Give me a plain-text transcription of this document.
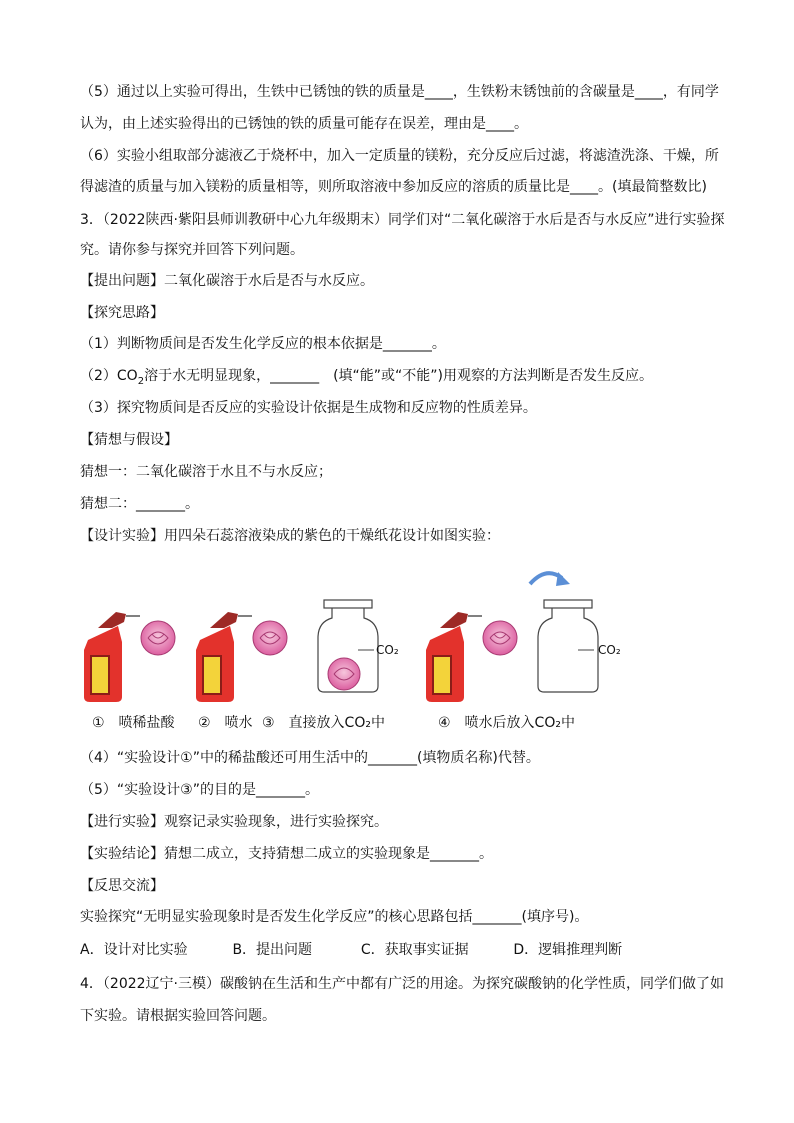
（5）通过以上实验可得出，生铁中已锈蚀的铁的质量是____，生铁粉末锈蚀前的含碳量是____，有同学
认为，由上述实验得出的已锈蚀的铁的质量可能存在误差，理由是____。
（6）实验小组取部分滤液乙于烧杯中，加入一定质量的镁粉，充分反应后过滤，将滤渣洗涤、干燥，所
得滤渣的质量与加入镁粉的质量相等，则所取溶液中参加反应的溶质的质量比是____。(填最简整数比)
3．（2022陕西·紫阳县师训教研中心九年级期末）同学们对“二氧化碳溶于水后是否与水反应”进行实验探
究。请你参与探究并回答下列问题。
【提出问题】二氧化碳溶于水后是否与水反应。
【探究思路】
（1）判断物质间是否发生化学反应的根本依据是_______。
$(2)CO_2$溶于水无明显现象，_______　(填“能”或“不能”)用观察的方法判断是否发生反应。
（3）探究物质间是否反应的实验设计依据是生成物和反应物的性质差异。
【猜想与假设】
猜想一：二氧化碳溶于水且不与水反应；
猜想二：_______。
【设计实验】用四朵石蕊溶液染成的紫色的干燥纸花设计如图实验：
CO₂	CO₂
①　喷稀盐酸 ②　喷水 ③　直接放入CO₂中	④　喷水后放入CO₂中
（4）“实验设计①”中的稀盐酸还可用生活中的_______(填物质名称)代替。
（5）“实验设计③”的目的是_______。
【进行实验】观察记录实验现象，进行实验探究。
【实验结论】猜想二成立，支持猜想二成立的实验现象是_______。
【反思交流】
实验探究“无明显实验现象时是否发生化学反应”的核心思路包括_______(填序号)。
A．设计对比实验	B．提出问题	C．获取事实证据	D．逻辑推理判断
4．（2022辽宁·三模）碳酸钠在生活和生产中都有广泛的用途。为探究碳酸钠的化学性质，同学们做了如
下实验。请根据实验回答问题。
